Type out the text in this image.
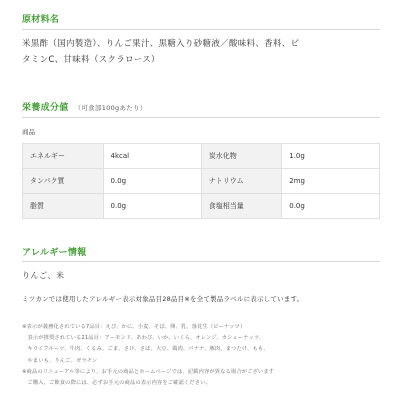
原材料名
米黒酢（国内製造）、りんご果汁、黒糖入り砂糖液／酸味料、香料、ビ
タミンC、甘味料（スクラロース）
栄養成分値 （可食部100gあたり）
商品
エネルギー	4kcal	炭水化物	1.0g
タンパク質	0.0g	ナトリウム	2mg
脂質	0.0g	食塩相当量	0.0g
アレルギー情報
りんご、米
ミツカンでは使用したアレルギー表示対象品目28品目※を全て製品ラベルに表示しています。
※表示が義務化されている7品目：えび、かに、小麦、そば、卵、乳、落花生（ピーナッツ）
　表示が推奨されている21品目：アーモンド、あわび、いか、いくら、オレンジ、カシューナッツ、
　キウイフルーツ、牛肉、くるみ、ごま、さけ、さば、大豆、鶏肉、バナナ、豚肉、まつたけ、もも、
　やまいも、りんご、ゼラチン
※商品のリニューアル等により、お手元の商品とホームページでは、記載内容が異なる場合がございます
　ご購入、ご飲食の際には、必ずお手元の商品の表示内容をご確認ください。
